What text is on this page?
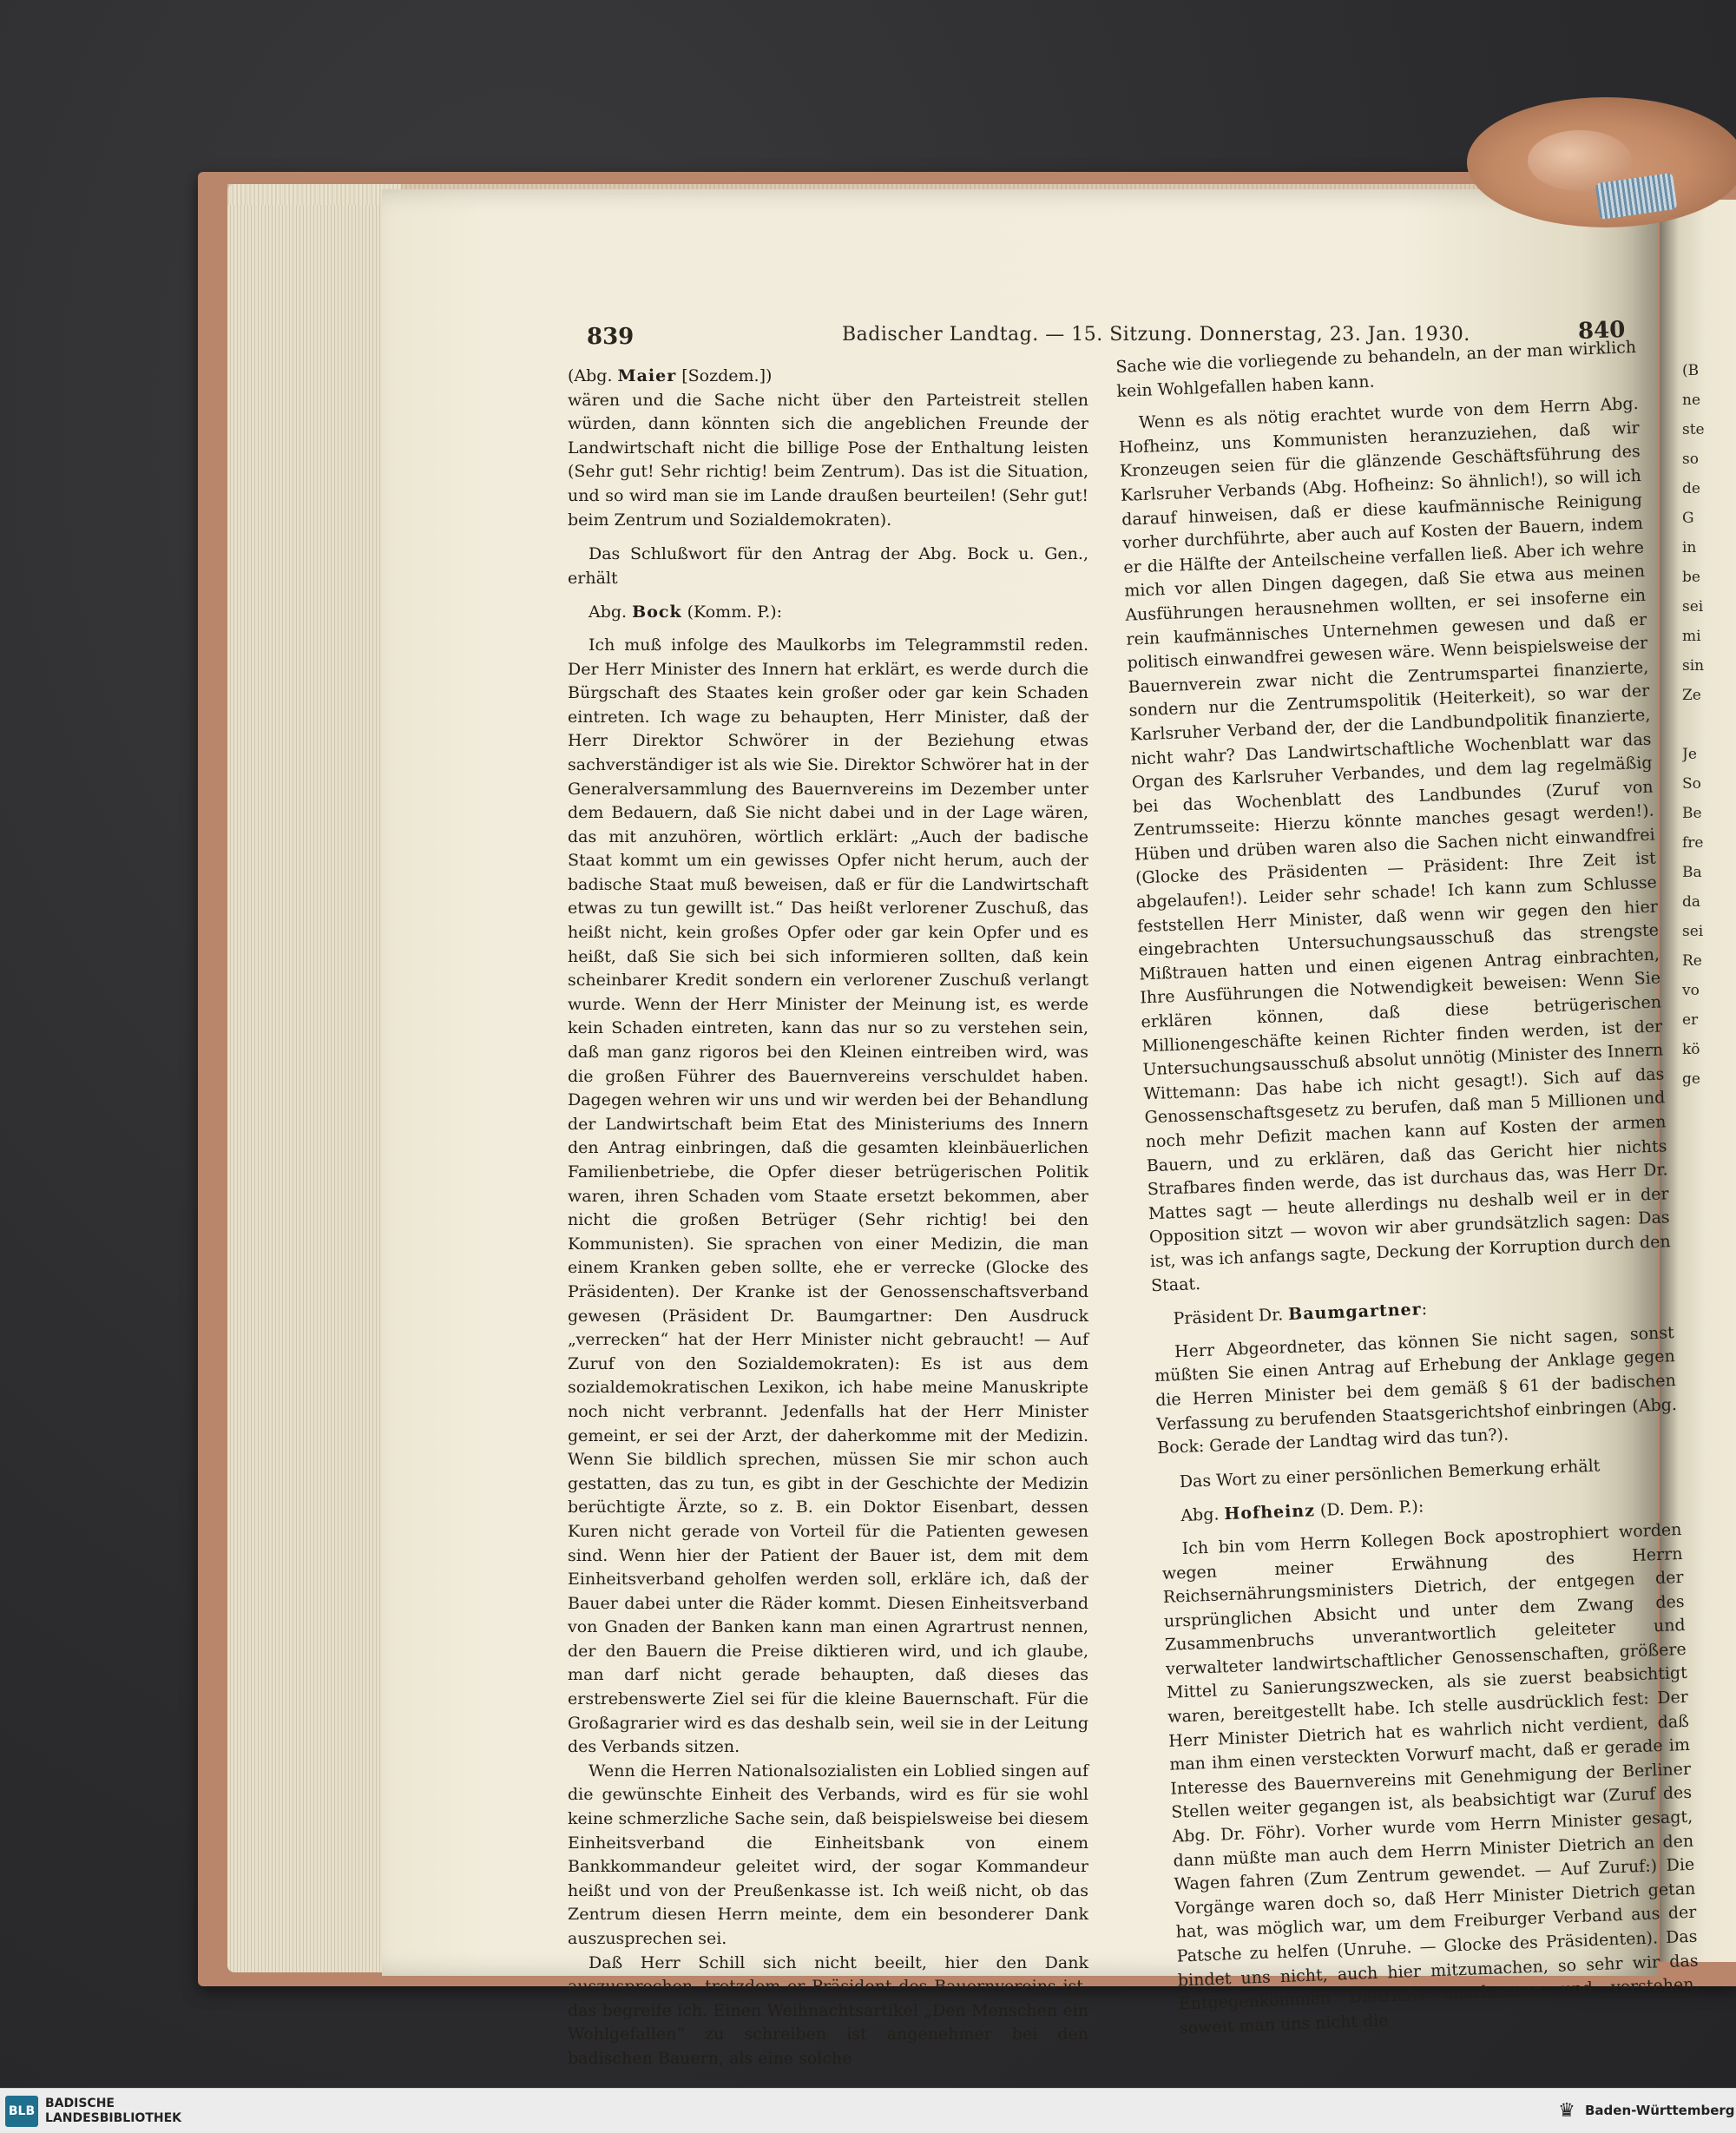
(B
ne
ste
so
de
G
in
be
sei
mi
sin
Ze

Je
So
Be
fre
Ba
da
sei
Re
vo
er
kö
ge
839	Badischer Landtag. — 15. Sitzung. Donnerstag, 23. Jan. 1930.	840

(Abg. Maier [Sozdem.])

wären und die Sache nicht über den Parteistreit stellen würden, dann könnten sich die angeblichen Freunde der Landwirtschaft nicht die billige Pose der Enthaltung leisten (Sehr gut! Sehr richtig! beim Zentrum). Das ist die Situation, und so wird man sie im Lande draußen beurteilen! (Sehr gut! beim Zentrum und Sozialdemokraten).

Das Schlußwort für den Antrag der Abg. Bock u. Gen., erhält

Abg. Bock (Komm. P.):

Ich muß infolge des Maulkorbs im Telegrammstil reden. Der Herr Minister des Innern hat erklärt, es werde durch die Bürgschaft des Staates kein großer oder gar kein Schaden eintreten. Ich wage zu behaupten, Herr Minister, daß der Herr Direktor Schwörer in der Beziehung etwas sachverständiger ist als wie Sie. Direktor Schwörer hat in der Generalversammlung des Bauernvereins im Dezember unter dem Bedauern, daß Sie nicht dabei und in der Lage wären, das mit anzuhören, wörtlich erklärt: „Auch der badische Staat kommt um ein gewisses Opfer nicht herum, auch der badische Staat muß beweisen, daß er für die Landwirtschaft etwas zu tun gewillt ist.“ Das heißt verlorener Zuschuß, das heißt nicht, kein großes Opfer oder gar kein Opfer und es heißt, daß Sie sich bei sich informieren sollten, daß kein scheinbarer Kredit sondern ein verlorener Zuschuß verlangt wurde. Wenn der Herr Minister der Meinung ist, es werde kein Schaden eintreten, kann das nur so zu verstehen sein, daß man ganz rigoros bei den Kleinen eintreiben wird, was die großen Führer des Bauernvereins verschuldet haben. Dagegen wehren wir uns und wir werden bei der Behandlung der Landwirtschaft beim Etat des Ministeriums des Innern den Antrag einbringen, daß die gesamten kleinbäuerlichen Familienbetriebe, die Opfer dieser betrügerischen Politik waren, ihren Schaden vom Staate ersetzt bekommen, aber nicht die großen Betrüger (Sehr richtig! bei den Kommunisten). Sie sprachen von einer Medizin, die man einem Kranken geben sollte, ehe er verrecke (Glocke des Präsidenten). Der Kranke ist der Genossenschaftsverband gewesen (Präsident Dr. Baumgartner: Den Ausdruck „verrecken“ hat der Herr Minister nicht gebraucht! — Auf Zuruf von den Sozialdemokraten): Es ist aus dem sozialdemokratischen Lexikon, ich habe meine Manuskripte noch nicht verbrannt. Jedenfalls hat der Herr Minister gemeint, er sei der Arzt, der daherkomme mit der Medizin. Wenn Sie bildlich sprechen, müssen Sie mir schon auch gestatten, das zu tun, es gibt in der Geschichte der Medizin berüchtigte Ärzte, so z. B. ein Doktor Eisenbart, dessen Kuren nicht gerade von Vorteil für die Patienten gewesen sind. Wenn hier der Patient der Bauer ist, dem mit dem Einheitsverband geholfen werden soll, erkläre ich, daß der Bauer dabei unter die Räder kommt. Diesen Einheitsverband von Gnaden der Banken kann man einen Agrartrust nennen, der den Bauern die Preise diktieren wird, und ich glaube, man darf nicht gerade behaupten, daß dieses das erstrebenswerte Ziel sei für die kleine Bauernschaft. Für die Großagrarier wird es das deshalb sein, weil sie in der Leitung des Verbands sitzen.

Wenn die Herren Nationalsozialisten ein Loblied singen auf die gewünschte Einheit des Verbands, wird es für sie wohl keine schmerzliche Sache sein, daß beispielsweise bei diesem Einheitsverband die Einheitsbank von einem Bankkommandeur geleitet wird, der sogar Kommandeur heißt und von der Preußenkasse ist. Ich weiß nicht, ob das Zentrum diesen Herrn meinte, dem ein besonderer Dank auszusprechen sei.

Daß Herr Schill sich nicht beeilt, hier den Dank auszusprechen, trotzdem er Präsident des Bauernvereins ist, das begreife ich. Einen Weihnachtsartikel „Den Menschen ein Wohlgefallen“ zu schreiben ist angenehmer bei den badischen Bauern, als eine solche

Sache wie die vorliegende zu behandeln, an der man wirklich kein Wohlgefallen haben kann.

Wenn es als nötig erachtet wurde von dem Herrn Abg. Hofheinz, uns Kommunisten heranzuziehen, daß wir Kronzeugen seien für die glänzende Geschäftsführung des Karlsruher Verbands (Abg. Hofheinz: So ähnlich!), so will ich darauf hinweisen, daß er diese kaufmännische Reinigung vorher durchführte, aber auch auf Kosten der Bauern, indem er die Hälfte der Anteilscheine verfallen ließ. Aber ich wehre mich vor allen Dingen dagegen, daß Sie etwa aus meinen Ausführungen herausnehmen wollten, er sei insoferne ein rein kaufmännisches Unternehmen gewesen und daß er politisch einwandfrei gewesen wäre. Wenn beispielsweise der Bauernverein zwar nicht die Zentrumspartei finanzierte, sondern nur die Zentrumspolitik (Heiterkeit), so war der Karlsruher Verband der, der die Landbundpolitik finanzierte, nicht wahr? Das Landwirtschaftliche Wochenblatt war das Organ des Karlsruher Verbandes, und dem lag regelmäßig bei das Wochenblatt des Landbundes (Zuruf von Zentrumsseite: Hierzu könnte manches gesagt werden!). Hüben und drüben waren also die Sachen nicht einwandfrei (Glocke des Präsidenten — Präsident: Ihre Zeit ist abgelaufen!). Leider sehr schade! Ich kann zum Schlusse feststellen Herr Minister, daß wenn wir gegen den hier eingebrachten Untersuchungsausschuß das strengste Mißtrauen hatten und einen eigenen Antrag einbrachten, Ihre Ausführungen die Notwendigkeit beweisen: Wenn Sie erklären können, daß diese betrügerischen Millionengeschäfte keinen Richter finden werden, ist der Untersuchungsausschuß absolut unnötig (Minister des Innern Wittemann: Das habe ich nicht gesagt!). Sich auf das Genossenschaftsgesetz zu berufen, daß man 5 Millionen und noch mehr Defizit machen kann auf Kosten der armen Bauern, und zu erklären, daß das Gericht hier nichts Strafbares finden werde, das ist durchaus das, was Herr Dr. Mattes sagt — heute allerdings nu deshalb weil er in der Opposition sitzt — wovon wir aber grundsätzlich sagen: Das ist, was ich anfangs sagte, Deckung der Korruption durch den Staat.

Präsident Dr. Baumgartner:

Herr Abgeordneter, das können Sie nicht sagen, sonst müßten Sie einen Antrag auf Erhebung der Anklage gegen die Herren Minister bei dem gemäß § 61 der badischen Verfassung zu berufenden Staatsgerichtshof einbringen (Abg. Bock: Gerade der Landtag wird das tun?).

Das Wort zu einer persönlichen Bemerkung erhält

Abg. Hofheinz (D. Dem. P.):

Ich bin vom Herrn Kollegen Bock apostrophiert worden wegen meiner Erwähnung des Herrn Reichsernährungsministers Dietrich, der entgegen der ursprünglichen Absicht und unter dem Zwang des Zusammenbruchs unverantwortlich geleiteter und verwalteter landwirtschaftlicher Genossenschaften, größere Mittel zu Sanierungszwecken, als sie zuerst beabsichtigt waren, bereitgestellt habe. Ich stelle ausdrücklich fest: Der Herr Minister Dietrich hat es wahrlich nicht verdient, daß man ihm einen versteckten Vorwurf macht, daß er gerade im Interesse des Bauernvereins mit Genehmigung der Berliner Stellen weiter gegangen ist, als beabsichtigt war (Zuruf des Abg. Dr. Föhr). Vorher wurde vom Herrn Minister gesagt, dann müßte man auch dem Herrn Minister Dietrich an den Wagen fahren (Zum Zentrum gewendet. — Auf Zuruf:) Die Vorgänge waren doch so, daß Herr Minister Dietrich getan hat, was möglich war, um dem Freiburger Verband aus der Patsche zu helfen (Unruhe. — Glocke des Präsidenten). Das bindet uns nicht, auch hier mitzumachen, so sehr wir das Entgegenkommen Dietrichs anerkennen und verstehen, soweit man uns nicht die

BLB
BADISCHE
LANDESBIBLIOTHEK	♛ Baden-Württemberg
